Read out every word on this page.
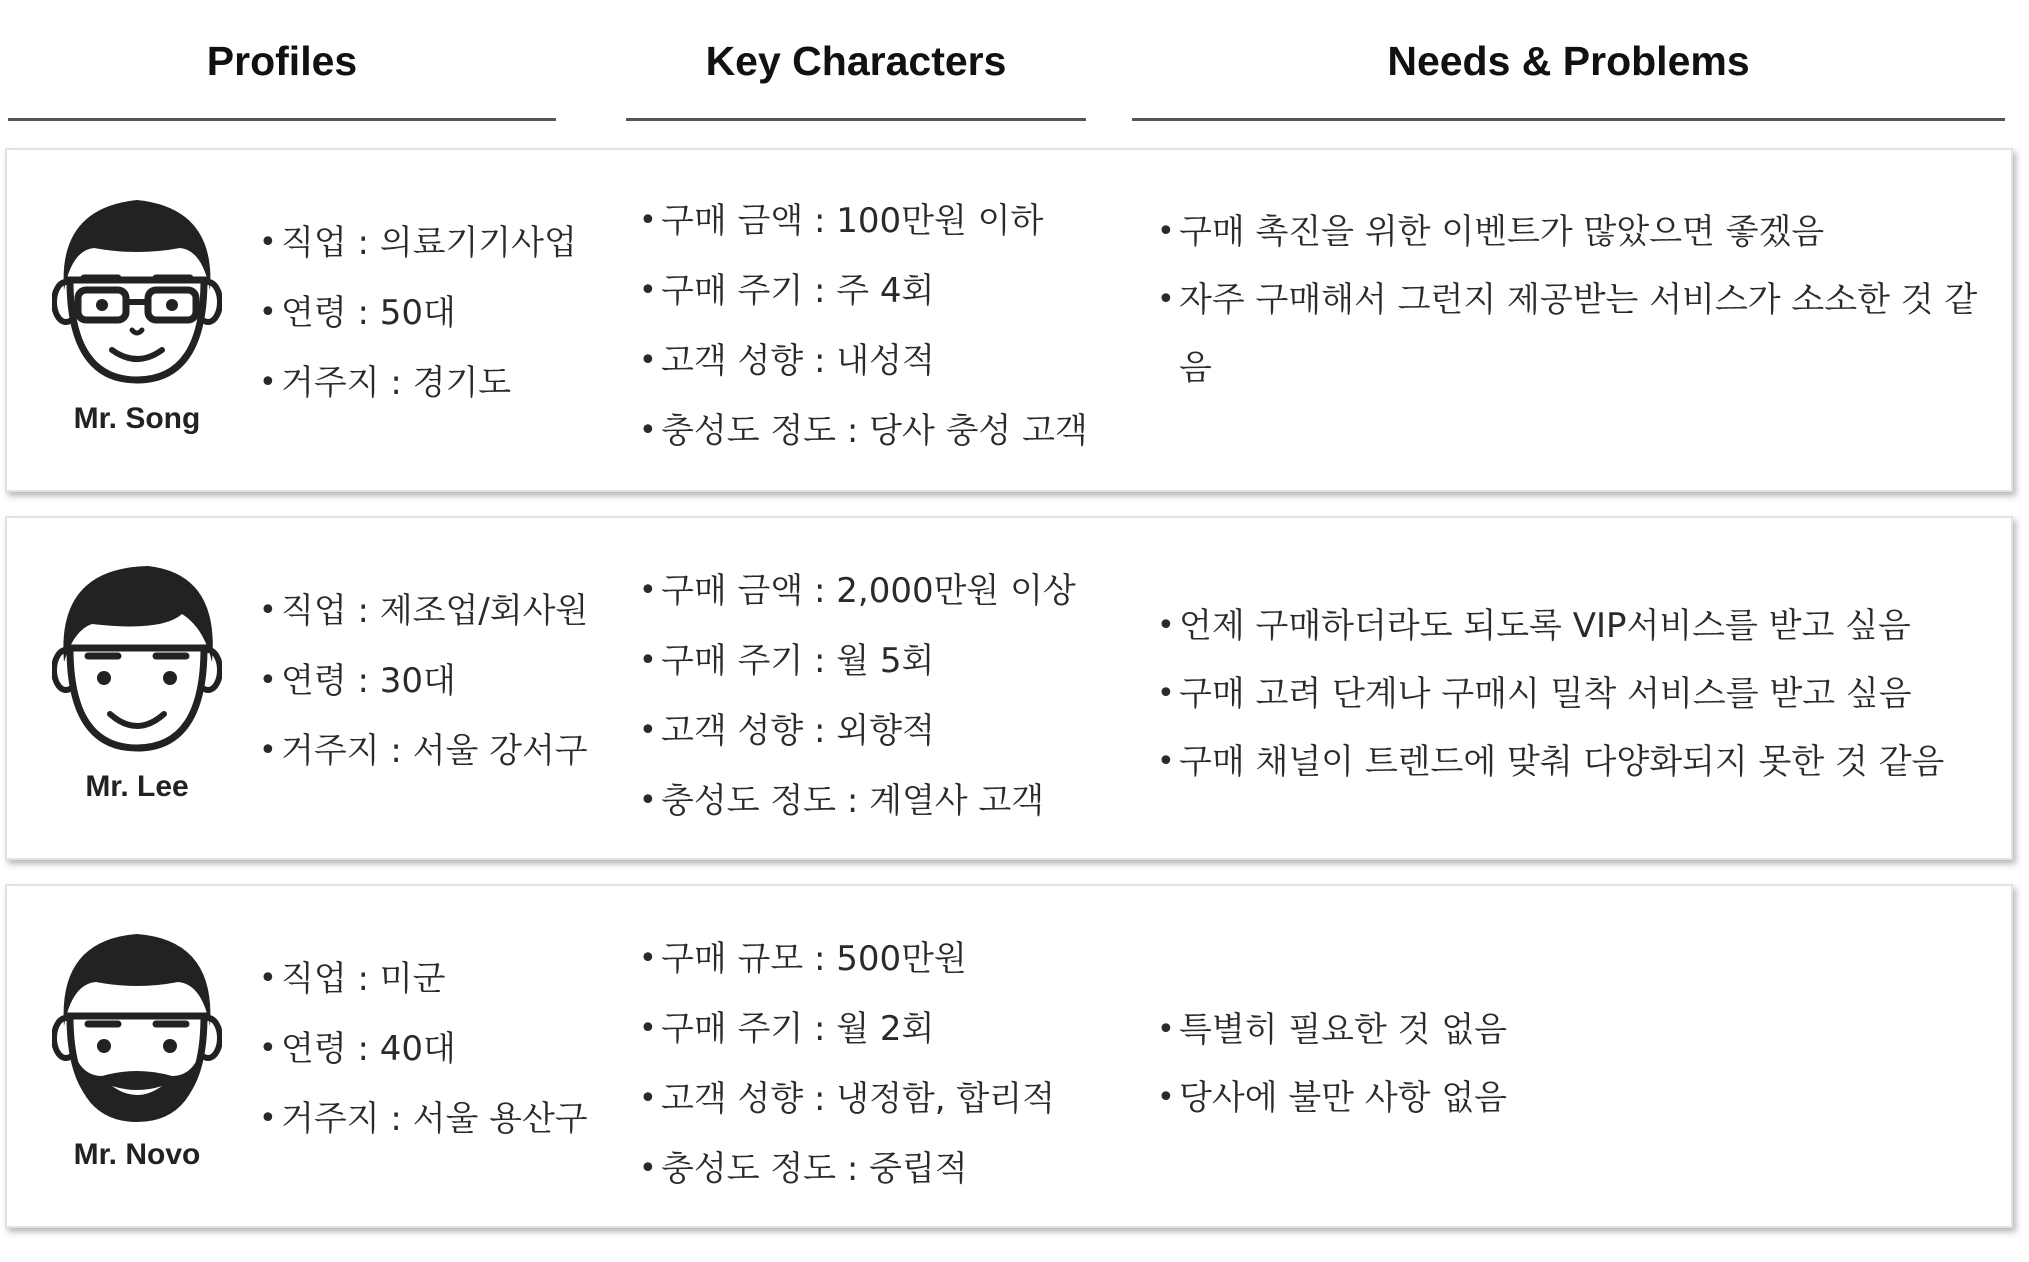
Profiles	Key Characters	Needs & Problems
Mr. Song
• 직업 : 의료기기사업
• 연령 : 50대
• 거주지 : 경기도
• 구매 금액 : 100만원 이하
• 구매 주기 : 주 4회
• 고객 성향 : 내성적
• 충성도 정도 : 당사 충성 고객
• 구매 촉진을 위한 이벤트가 많았으면 좋겠음
• 자주 구매해서 그런지 제공받는 서비스가 소소한 것 같음
Mr. Lee
• 직업 : 제조업/회사원
• 연령 : 30대
• 거주지 : 서울 강서구
• 구매 금액 : 2,000만원 이상
• 구매 주기 : 월 5회
• 고객 성향 : 외향적
• 충성도 정도 : 계열사 고객
• 언제 구매하더라도 되도록 VIP서비스를 받고 싶음
• 구매 고려 단계나 구매시 밀착 서비스를 받고 싶음
• 구매 채널이 트렌드에 맞춰 다양화되지 못한 것 같음
Mr. Novo
• 직업 : 미군
• 연령 : 40대
• 거주지 : 서울 용산구
• 구매 규모 : 500만원
• 구매 주기 : 월 2회
• 고객 성향 : 냉정함, 합리적
• 충성도 정도 : 중립적
• 특별히 필요한 것 없음
• 당사에 불만 사항 없음
